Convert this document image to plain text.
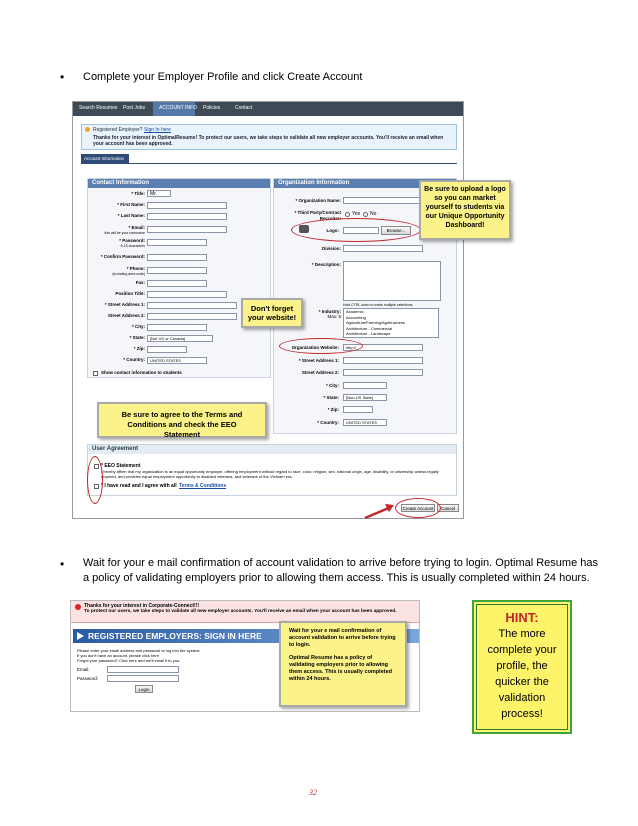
• Complete your Employer Profile and click Create Account
Search Resumes Post Jobs	ACCOUNT INFO Policies	Contact
Registered Employer? Sign In here
Thanks for your interest in OptimalResume! To protect our users, we take steps to validate all new employer accounts. You'll receive an email when your account has been approved.
Account Information
Contact Information
* Title: Mr.
* First Name:
* Last Name:
* Email:
this will be your username
* Password:
6-10 characters
* Confirm Password:
* Phone:
(including area code)
Fax:
Position Title:
* Street Address 1:
Street Address 2:
* City:
* State: [Not US or Canada]
* Zip:
* Country: UNITED STATES
Show contact information to students
Organization Information
* Organization Name:
* Third Party/Contract Recruiter:
Yes No
Logo:	Browse...
Division:
* Description:
Hold CTRL down to make multiple selections
* Industry:
Max: 5
Academic
Accounting
Agriculture/Farming/Agribusiness
Architecture - Commercial
Architecture - Landscape
Organization Website: http://
* Street Address 1:
Street Address 2:
* City:
* State: [Non-US State]
* Zip:
* Country: UNITED STATES
User Agreement
* EEO Statement
I hereby affirm that my organization is an equal opportunity employer, offering employment without regard to race, color, religion, sex, national origin, age, disability, or citizenship unless legally required, and provides equal employment opportunity to disabled veterans, and veterans of the Vietnam era.
* I have read and I agree with all Terms & Conditions
Create Account	Cancel
Be sure to upload a logo so you can market yourself to students via our Unique Opportunity Dashboard!
Don't forget your website!
Be sure to agree to the Terms and Conditions and check the EEO Statement
• Wait for your e mail confirmation of account validation to arrive before trying to login. Optimal Resume has
a policy of validating employers prior to allowing them access. This is usually completed within 24 hours.
Thanks for your interest in Corporate-Connect!!!
To protect our users, we take steps to validate all new employer accounts. You'll receive an email when your account has been approved.
REGISTERED EMPLOYERS: SIGN IN HERE
Please enter your email address and password to log into the system.
If you don't have an account, please click here
Forgot your password? Click here and we'll email it to you.
Email:
Password:
Login
Wait for your e mail confirmation of account validation to arrive before trying to login.
Optimal Resume has a policy of validating employers prior to allowing them access. This is usually completed within 24 hours.
HINT:
The more
complete your
profile, the
quicker the
validation
process!
32
